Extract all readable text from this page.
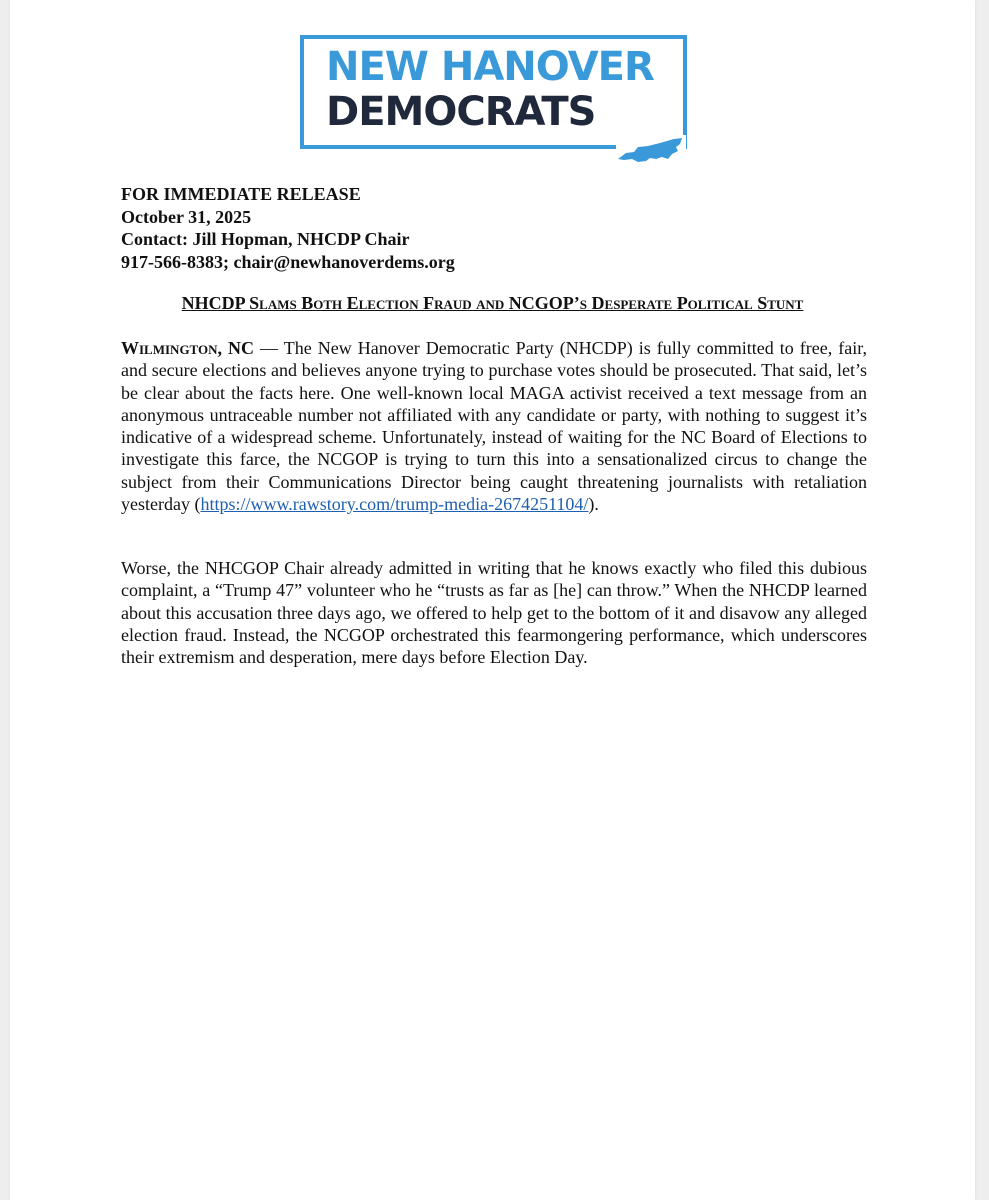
NEW HANOVER
DEMOCRATS
FOR IMMEDIATE RELEASE
October 31, 2025
Contact: Jill Hopman, NHCDP Chair
917-566-8383; chair@newhanoverdems.org
NHCDP Slams Both Election Fraud and NCGOP’s Desperate Political Stunt
Wilmington, NC — The New Hanover Democratic Party (NHCDP) is fully committed to free, fair, and secure elections and believes anyone trying to purchase votes should be prosecuted. That said, let’s be clear about the facts here. One well-known local MAGA activist received a text message from an anonymous untraceable number not affiliated with any candidate or party, with nothing to suggest it’s indicative of a widespread scheme. Unfortunately, instead of waiting for the NC Board of Elections to investigate this farce, the NCGOP is trying to turn this into a sensationalized circus to change the subject from their Communications Director being caught threatening journalists with retaliation yesterday (https://www.rawstory.com/trump-media-2674251104/).
Worse, the NHCGOP Chair already admitted in writing that he knows exactly who filed this dubious complaint, a “Trump 47” volunteer who he “trusts as far as [he] can throw.” When the NHCDP learned about this accusation three days ago, we offered to help get to the bottom of it and disavow any alleged election fraud. Instead, the NCGOP orchestrated this fearmongering performance, which underscores their extremism and desperation, mere days before Election Day.
